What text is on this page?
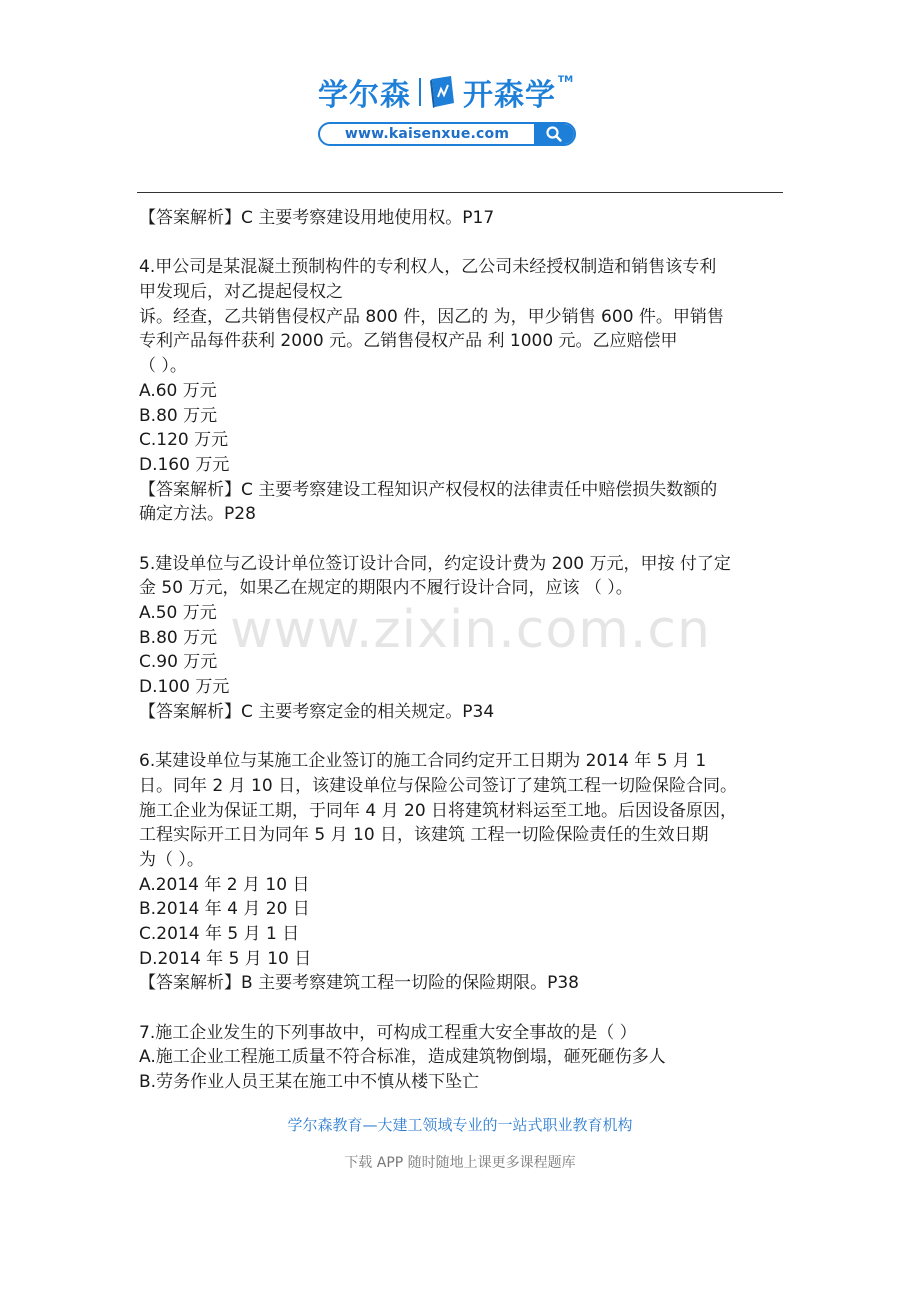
学尔森 开森学 TM
www.kaisenxue.com
【答案解析】C 主要考察建设用地使用权。P17
4.甲公司是某混凝土预制构件的专利权人，乙公司未经授权制造和销售该专利
甲发现后，对乙提起侵权之
诉。经查，乙共销售侵权产品 800 件，因乙的 为，甲少销售 600 件。甲销售
专利产品每件获利 2000 元。乙销售侵权产品 利 1000 元。乙应赔偿甲
（ ）。
A.60 万元
B.80 万元
C.120 万元
D.160 万元
【答案解析】C 主要考察建设工程知识产权侵权的法律责任中赔偿损失数额的
确定方法。P28
5.建设单位与乙设计单位签订设计合同，约定设计费为 200 万元，甲按 付了定
金 50 万元，如果乙在规定的期限内不履行设计合同，应该 （ ）。
A.50 万元
B.80 万元
C.90 万元
D.100 万元
【答案解析】C 主要考察定金的相关规定。P34
6.某建设单位与某施工企业签订的施工合同约定开工日期为 2014 年 5 月 1
日。同年 2 月 10 日，该建设单位与保险公司签订了建筑工程一切险保险合同。
施工企业为保证工期，于同年 4 月 20 日将建筑材料运至工地。后因设备原因，
工程实际开工日为同年 5 月 10 日，该建筑 工程一切险保险责任的生效日期
为（ ）。
A.2014 年 2 月 10 日
B.2014 年 4 月 20 日
C.2014 年 5 月 1 日
D.2014 年 5 月 10 日
【答案解析】B 主要考察建筑工程一切险的保险期限。P38
7.施工企业发生的下列事故中，可构成工程重大安全事故的是（ ）
A.施工企业工程施工质量不符合标准，造成建筑物倒塌，砸死砸伤多人
B.劳务作业人员王某在施工中不慎从楼下坠亡
www.zixin.com.cn
学尔森教育—大建工领域专业的一站式职业教育机构
下载 APP 随时随地上课更多课程题库
